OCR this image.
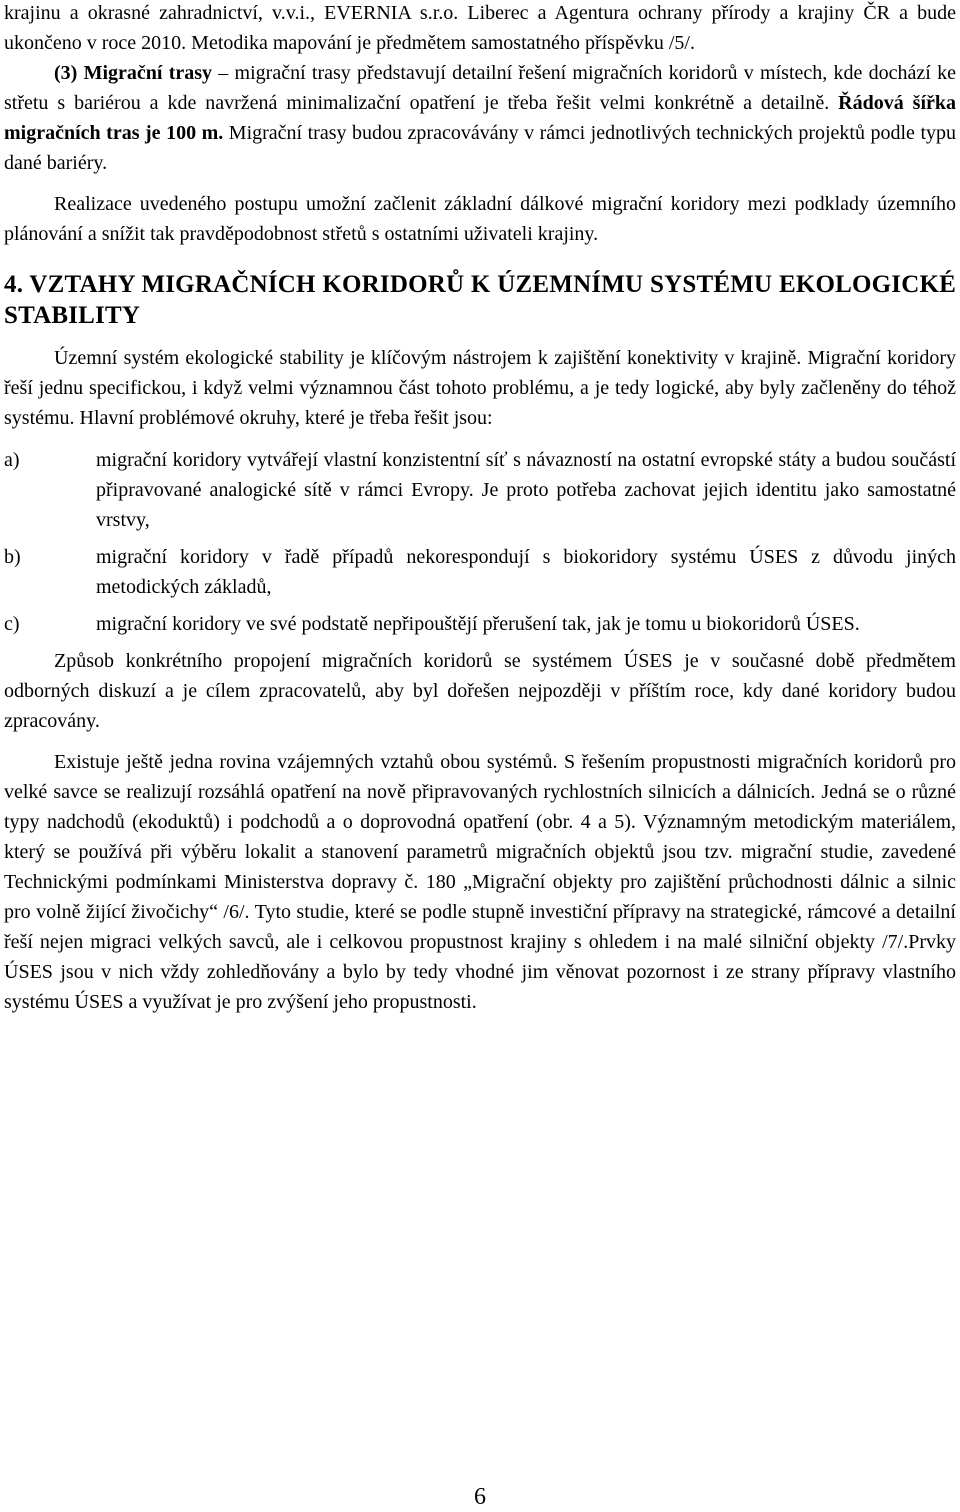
krajinu a okrasné zahradnictví, v.v.i., EVERNIA s.r.o. Liberec a Agentura ochrany přírody a krajiny ČR a bude ukončeno v roce 2010. Metodika mapování je předmětem samostatného příspěvku /5/.

(3) Migrační trasy – migrační trasy představují detailní řešení migračních koridorů v místech, kde dochází ke střetu s bariérou a kde navržená minimalizační opatření je třeba řešit velmi konkrétně a detailně. Řádová šířka migračních tras je 100 m. Migrační trasy budou zpracovávány v rámci jednotlivých technických projektů podle typu dané bariéry.

Realizace uvedeného postupu umožní začlenit základní dálkové migrační koridory mezi podklady územního plánování a snížit tak pravděpodobnost střetů s ostatními uživateli krajiny.

4. VZTAHY MIGRAČNÍCH KORIDORŮ K ÚZEMNÍMU SYSTÉMU EKOLOGICKÉ STABILITY

Územní systém ekologické stability je klíčovým nástrojem k zajištění konektivity v krajině. Migrační koridory řeší jednu specifickou, i když velmi významnou část tohoto problému, a je tedy logické, aby byly začleněny do téhož systému. Hlavní problémové okruhy, které je třeba řešit jsou:

a)	migrační koridory vytvářejí vlastní konzistentní síť s návazností na ostatní evropské státy a budou součástí připravované analogické sítě v rámci Evropy. Je proto potřeba zachovat jejich identitu jako samostatné vrstvy,
b)	migrační koridory v řadě případů nekorespondují s biokoridory systému ÚSES z důvodu jiných metodických základů,
c)	migrační koridory ve své podstatě nepřipouštějí přerušení tak, jak je tomu u biokoridorů ÚSES.

Způsob konkrétního propojení migračních koridorů se systémem ÚSES je v současné době předmětem odborných diskuzí a je cílem zpracovatelů, aby byl dořešen nejpozději v příštím roce, kdy dané koridory budou zpracovány.

Existuje ještě jedna rovina vzájemných vztahů obou systémů. S řešením propustnosti migračních koridorů pro velké savce se realizují rozsáhlá opatření na nově připravovaných rychlostních silnicích a dálnicích. Jedná se o různé typy nadchodů (ekoduktů) i podchodů a o doprovodná opatření (obr. 4 a 5). Významným metodickým materiálem, který se používá při výběru lokalit a stanovení parametrů migračních objektů jsou tzv. migrační studie, zavedené Technickými podmínkami Ministerstva dopravy č. 180 „Migrační objekty pro zajištění průchodnosti dálnic a silnic pro volně žijící živočichy“ /6/. Tyto studie, které se podle stupně investiční přípravy na strategické, rámcové a detailní řeší nejen migraci velkých savců, ale i celkovou propustnost krajiny s ohledem i na malé silniční objekty /7/.Prvky ÚSES jsou v nich vždy zohledňovány a bylo by tedy vhodné jim věnovat pozornost i ze strany přípravy vlastního systému ÚSES a využívat je pro zvýšení jeho propustnosti.

6
